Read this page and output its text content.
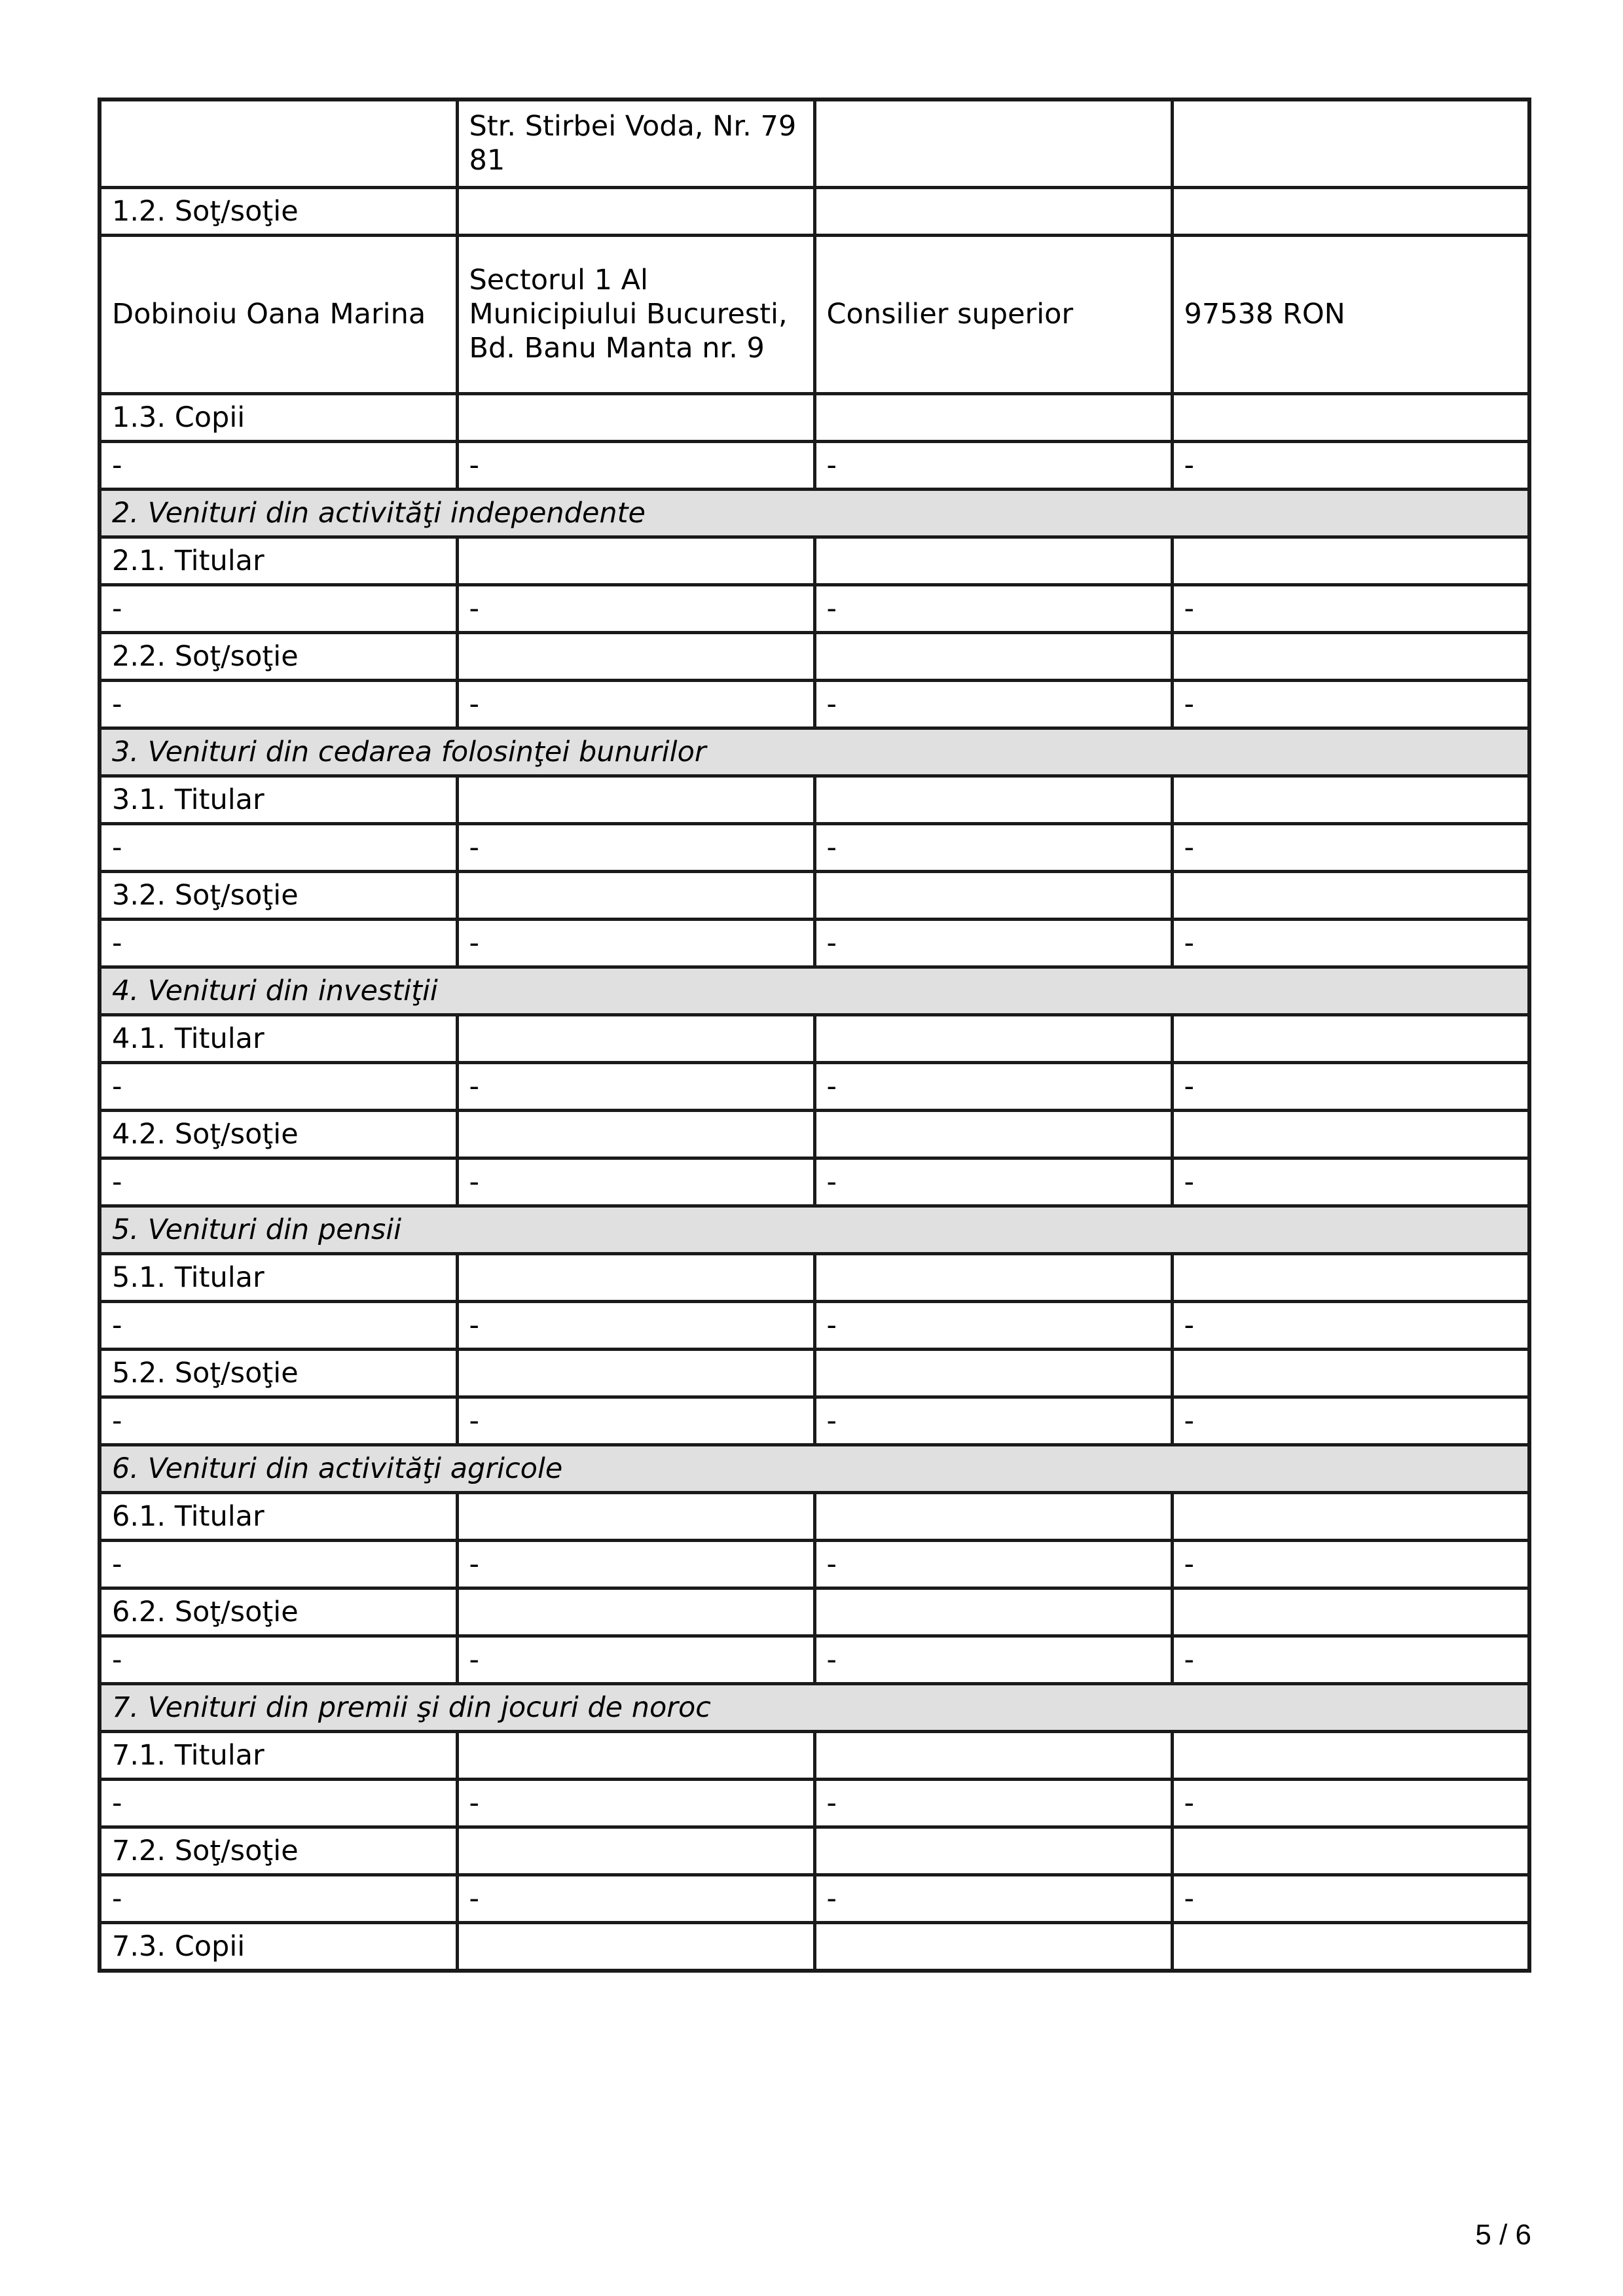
	Str. Stirbei Voda, Nr. 79 81		
1.2. Soţ/soţie			
Dobinoiu Oana Marina	Sectorul 1 Al Municipiului Bucuresti, Bd. Banu Manta nr. 9	Consilier superior	97538 RON
1.3. Copii			
-	-	-	-
2. Venituri din activităţi independente			
2.1. Titular			
-	-	-	-
2.2. Soţ/soţie			
-	-	-	-
3. Venituri din cedarea folosinţei bunurilor			
3.1. Titular			
-	-	-	-
3.2. Soţ/soţie			
-	-	-	-
4. Venituri din investiţii			
4.1. Titular			
-	-	-	-
4.2. Soţ/soţie			
-	-	-	-
5. Venituri din pensii			
5.1. Titular			
-	-	-	-
5.2. Soţ/soţie			
-	-	-	-
6. Venituri din activităţi agricole			
6.1. Titular			
-	-	-	-
6.2. Soţ/soţie			
-	-	-	-
7. Venituri din premii şi din jocuri de noroc			
7.1. Titular			
-	-	-	-
7.2. Soţ/soţie			
-	-	-	-
7.3. Copii			
5 / 6
